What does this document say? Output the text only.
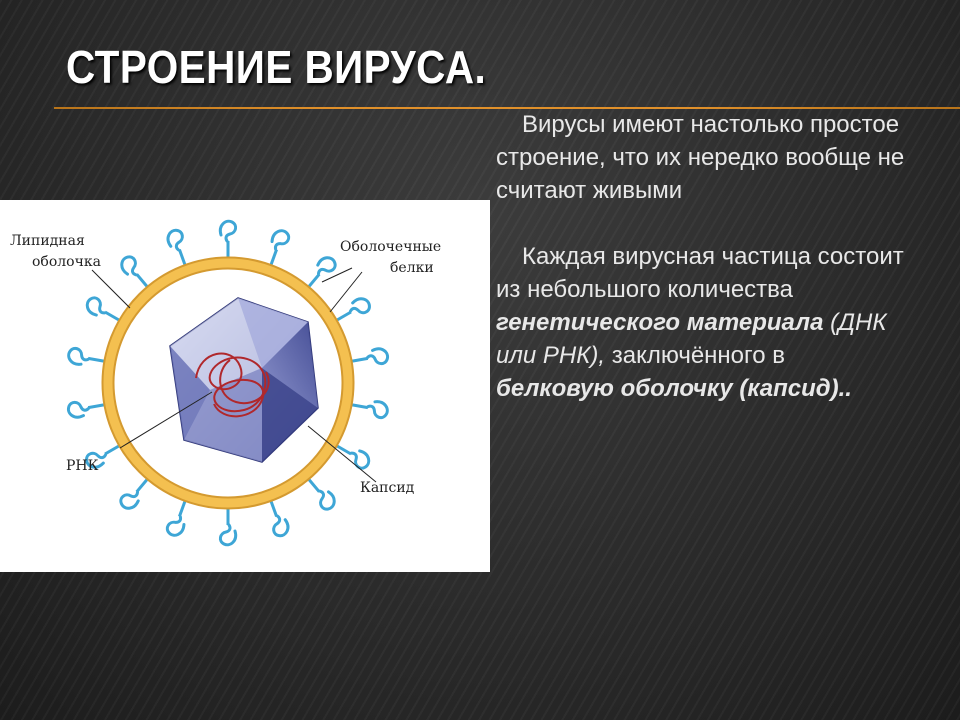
СТРОЕНИЕ ВИРУСА.
Липидная
оболочка
Оболочечные
белки
РНК
Капсид

Вирусы имеют настолько простое строение, что их нередко вообще не считают живыми

Каждая вирусная частица состоит из небольшого количества
генетического материала (ДНК или РНК), заключённого в
белковую оболочку (капсид)..
